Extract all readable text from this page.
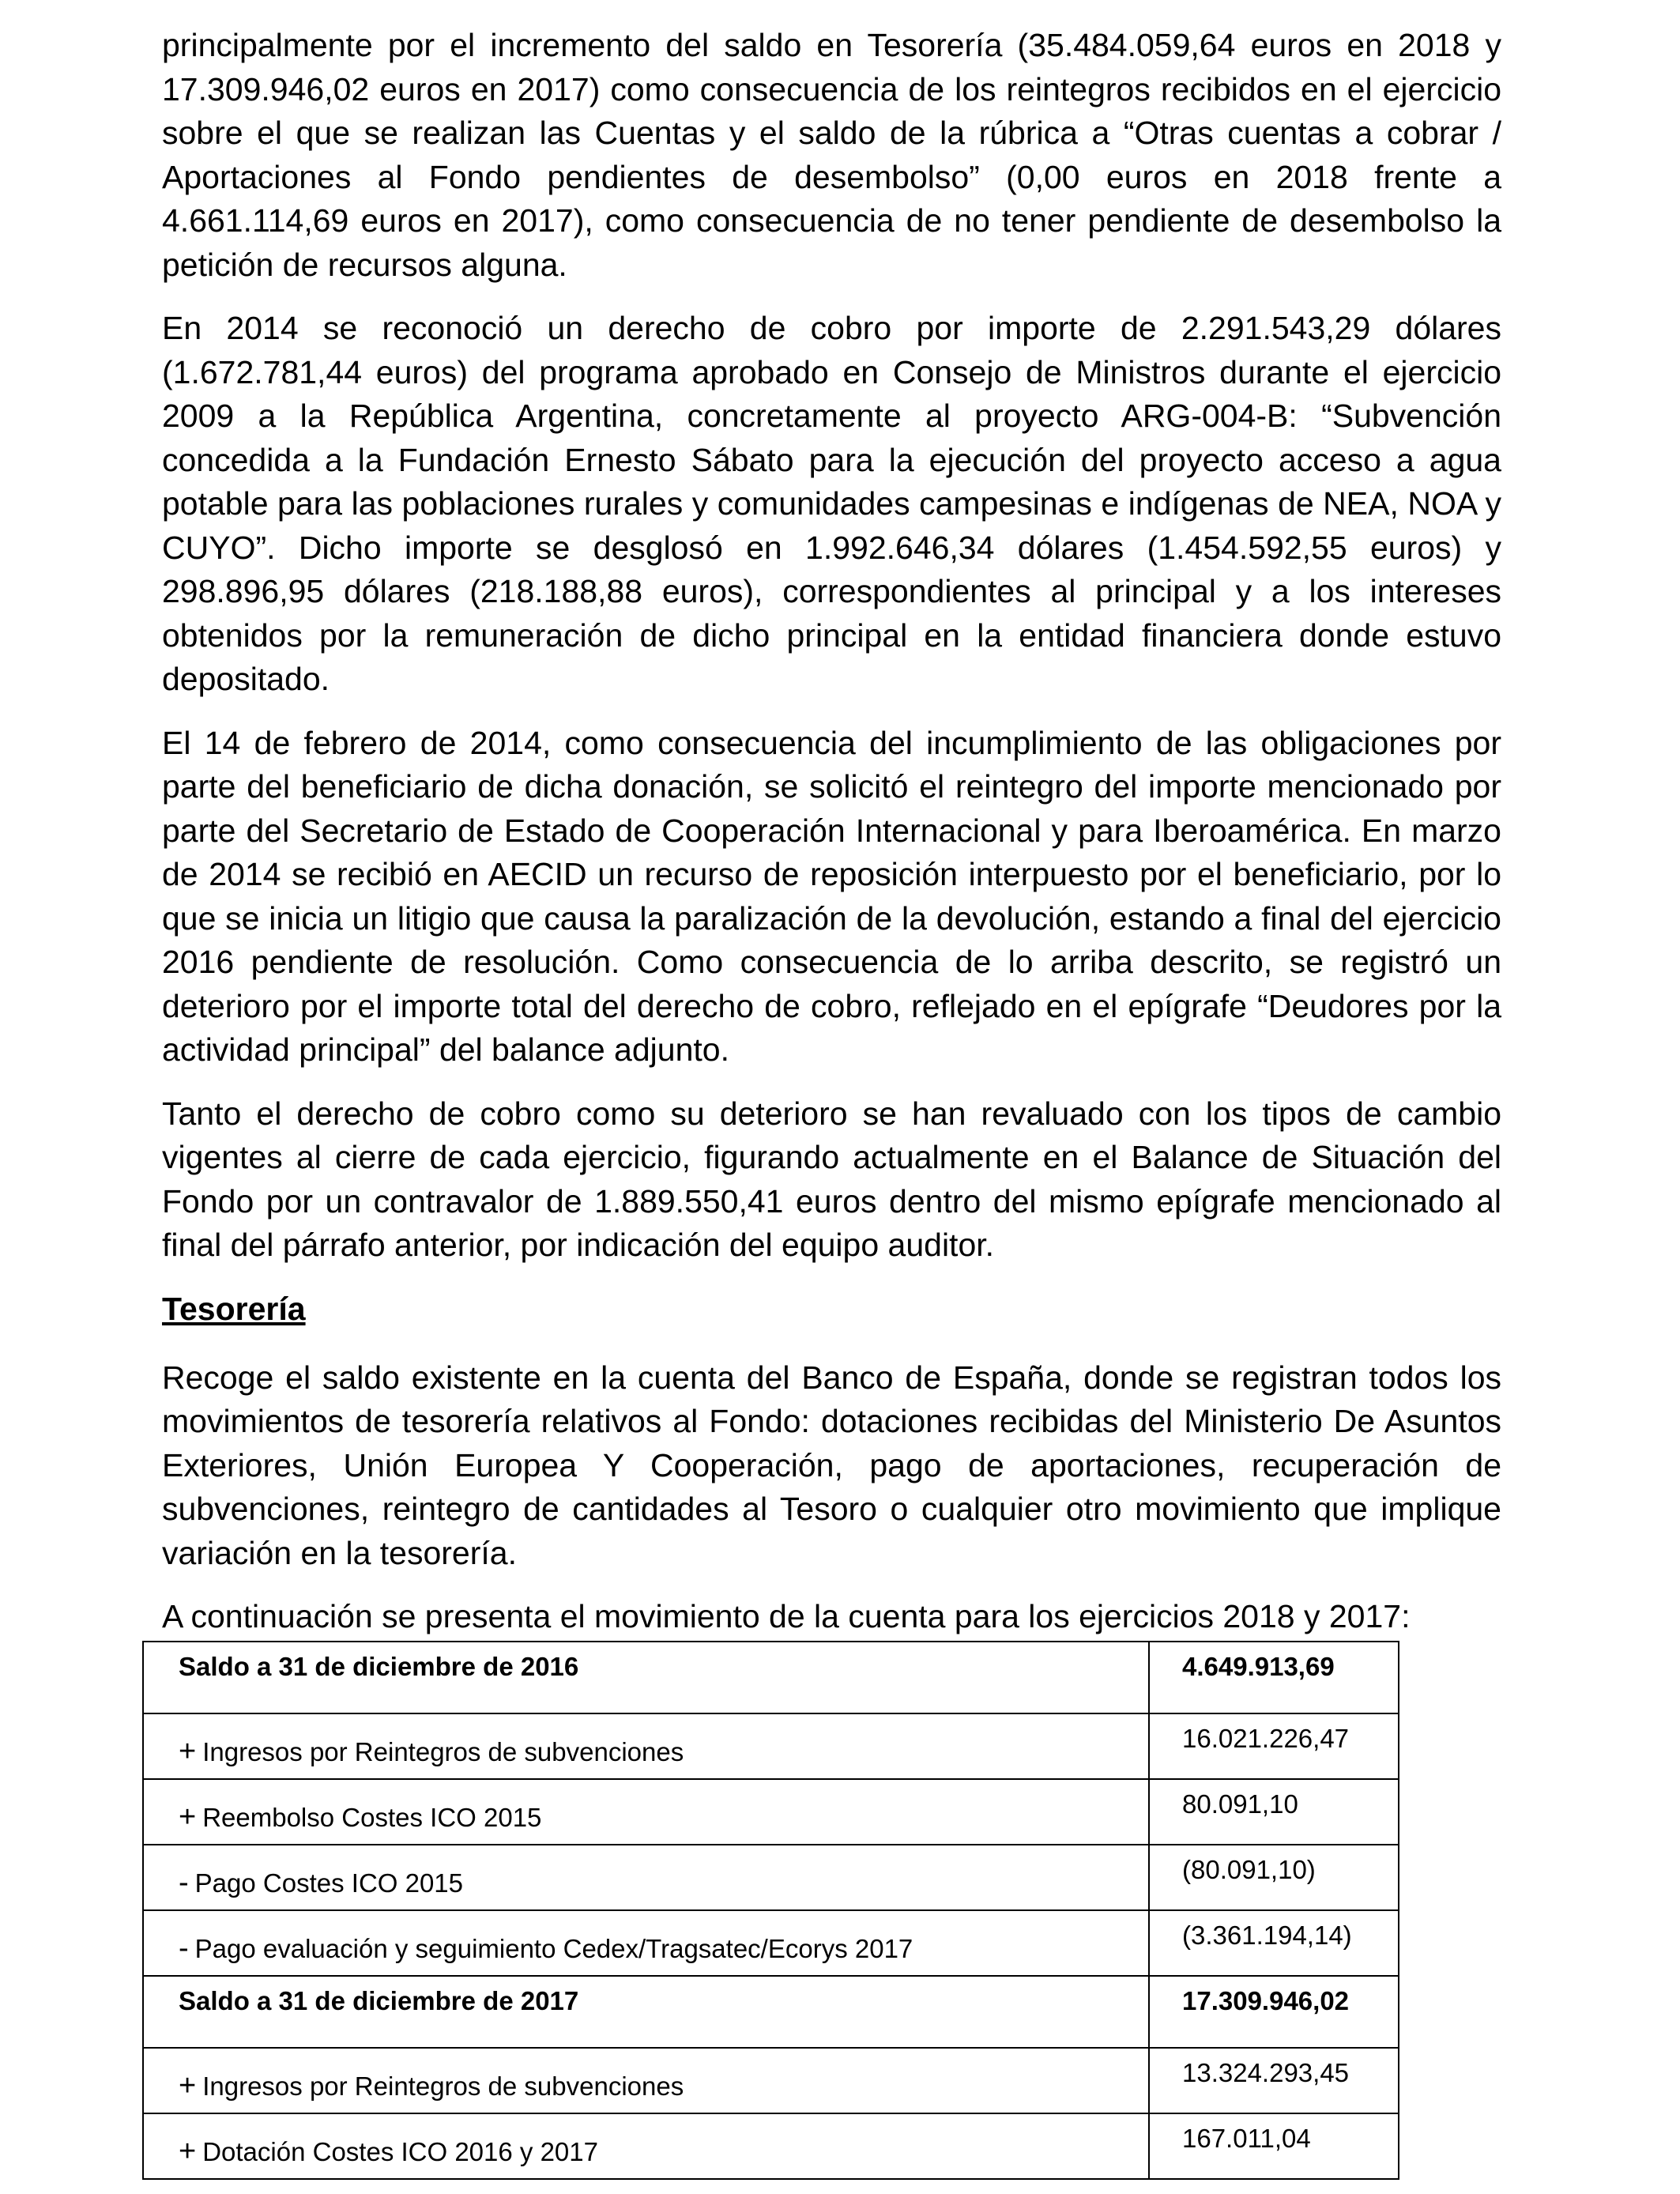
principalmente por el incremento del saldo en Tesorería (35.484.059,64 euros en 2018 y 17.309.946,02 euros en 2017) como consecuencia de los reintegros recibidos en el ejercicio sobre el que se realizan las Cuentas y el saldo de la rúbrica a “Otras cuentas a cobrar / Aportaciones al Fondo pendientes de desembolso” (0,00 euros en 2018 frente a 4.661.114,69 euros en 2017), como consecuencia de no tener pendiente de desembolso la petición de recursos alguna.

En 2014 se reconoció un derecho de cobro por importe de 2.291.543,29 dólares (1.672.781,44 euros) del programa aprobado en Consejo de Ministros durante el ejercicio 2009 a la República Argentina, concretamente al proyecto ARG-004-B: “Subvención concedida a la Fundación Ernesto Sábato para la ejecución del proyecto acceso a agua potable para las poblaciones rurales y comunidades campesinas e indígenas de NEA, NOA y CUYO”. Dicho importe se desglosó en 1.992.646,34 dólares (1.454.592,55 euros) y 298.896,95 dólares (218.188,88 euros), correspondientes al principal y a los intereses obtenidos por la remuneración de dicho principal en la entidad financiera donde estuvo depositado.

El 14 de febrero de 2014, como consecuencia del incumplimiento de las obligaciones por parte del beneficiario de dicha donación, se solicitó el reintegro del importe mencionado por parte del Secretario de Estado de Cooperación Internacional y para Iberoamérica. En marzo de 2014 se recibió en AECID un recurso de reposición interpuesto por el beneficiario, por lo que se inicia un litigio que causa la paralización de la devolución, estando a final del ejercicio 2016 pendiente de resolución. Como consecuencia de lo arriba descrito, se registró un deterioro por el importe total del derecho de cobro, reflejado en el epígrafe “Deudores por la actividad principal” del balance adjunto.

Tanto el derecho de cobro como su deterioro se han revaluado con los tipos de cambio vigentes al cierre de cada ejercicio, figurando actualmente en el Balance de Situación del Fondo por un contravalor de 1.889.550,41 euros dentro del mismo epígrafe mencionado al final del párrafo anterior, por indicación del equipo auditor.

Tesorería

Recoge el saldo existente en la cuenta del Banco de España, donde se registran todos los movimientos de tesorería relativos al Fondo: dotaciones recibidas del Ministerio De Asuntos Exteriores, Unión Europea Y Cooperación, pago de aportaciones, recuperación de subvenciones, reintegro de cantidades al Tesoro o cualquier otro movimiento que implique variación en la tesorería.

A continuación se presenta el movimiento de la cuenta para los ejercicios 2018 y 2017:

Saldo a 31 de diciembre de 2016	4.649.913,69
+ Ingresos por Reintegros de subvenciones	16.021.226,47
+ Reembolso Costes ICO 2015	80.091,10
- Pago Costes ICO 2015	(80.091,10)
- Pago evaluación y seguimiento Cedex/Tragsatec/Ecorys 2017	(3.361.194,14)
Saldo a 31 de diciembre de 2017	17.309.946,02
+ Ingresos por Reintegros de subvenciones	13.324.293,45
+ Dotación Costes ICO 2016 y 2017	167.011,04
